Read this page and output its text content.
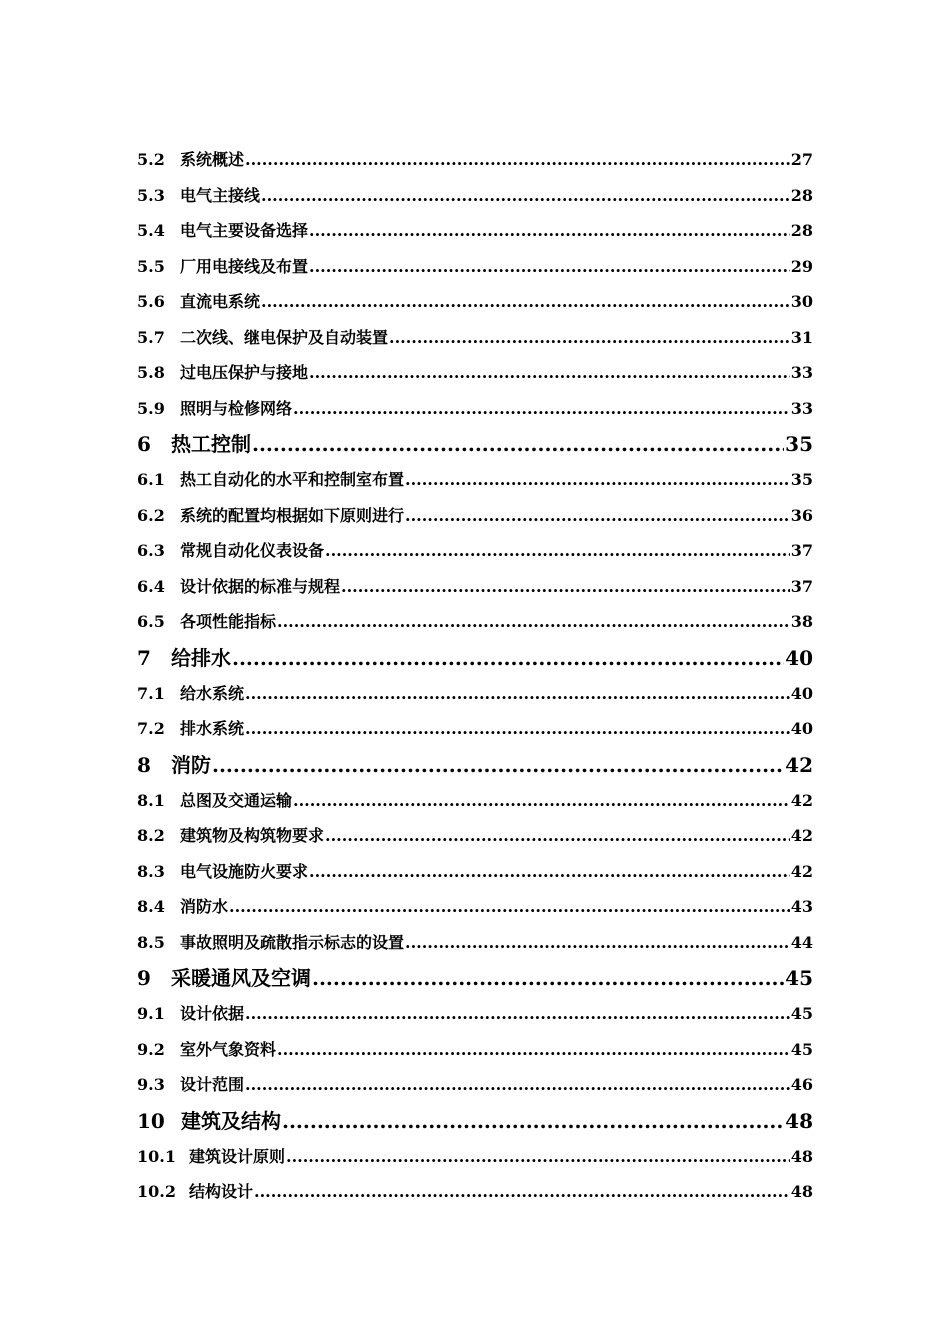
5.2 系统概述 .....	27
5.3 电气主接线 .....	28
5.4 电气主要设备选择 .....	28
5.5 厂用电接线及布置 .....	29
5.6 直流电系统 .....	30
5.7 二次线、继电保护及自动装置 .....	31
5.8 过电压保护与接地 .....	33
5.9 照明与检修网络 .....	33
6	热工控制 .....	35
6.1 热工自动化的水平和控制室布置 .....	35
6.2 系统的配置均根据如下原则进行 .....	36
6.3 常规自动化仪表设备 .....	37
6.4 设计依据的标准与规程 .....	37
6.5 各项性能指标 .....	38
7	给排水 .....	40
7.1 给水系统 .....	40
7.2 排水系统 .....	40
8	消防 .....	42
8.1 总图及交通运输 .....	42
8.2 建筑物及构筑物要求 .....	42
8.3 电气设施防火要求 .....	42
8.4 消防水 .....	43
8.5 事故照明及疏散指示标志的设置 .....	44
9	采暖通风及空调 .....	45
9.1 设计依据 .....	45
9.2 室外气象资料 .....	45
9.3 设计范围 .....	46
10 建筑及结构 .....	48
10.1 建筑设计原则 .....	48
10.2 结构设计 .....	48
